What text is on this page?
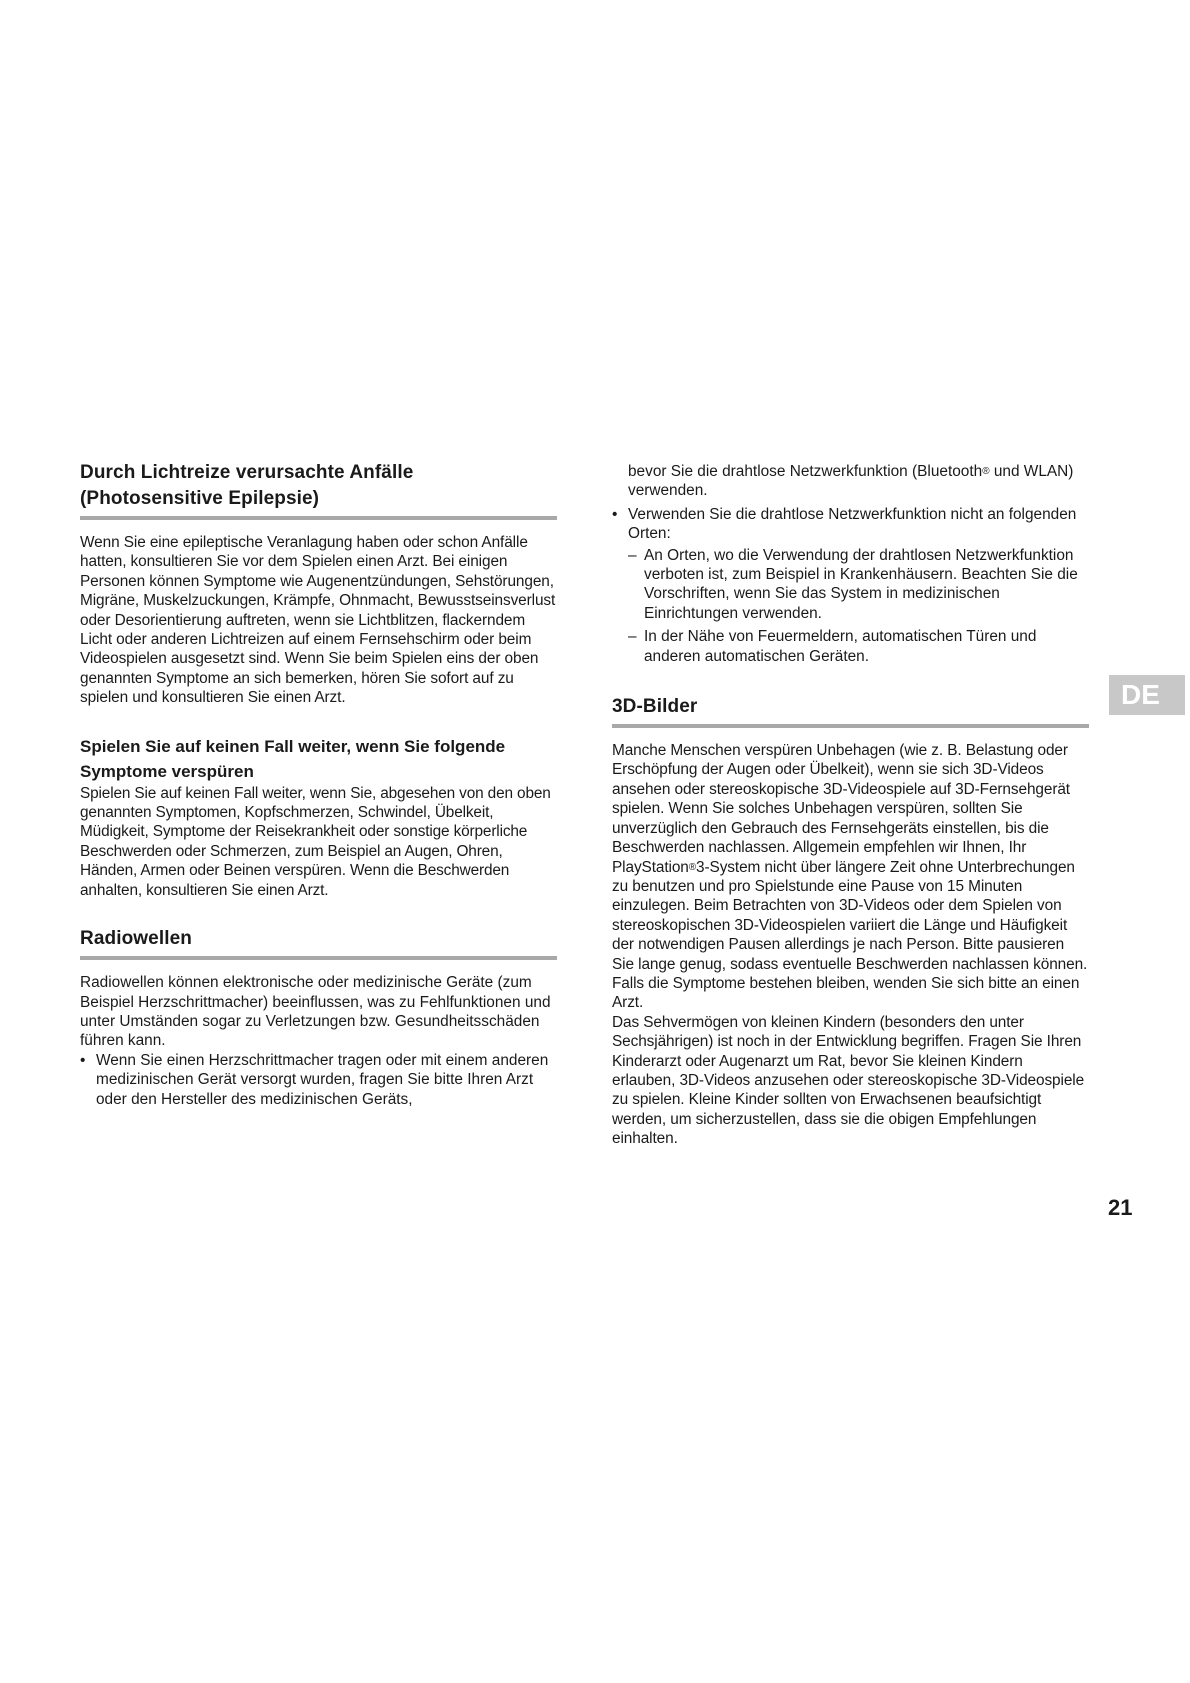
Durch Lichtreize verursachte Anfälle (Photosensitive Epilepsie)

Wenn Sie eine epileptische Veranlagung haben oder schon Anfälle hatten, konsultieren Sie vor dem Spielen einen Arzt. Bei einigen Personen können Symptome wie Augenentzündungen, Sehstörungen, Migräne, Muskelzuckungen, Krämpfe, Ohnmacht, Bewusstseinsverlust oder Desorientierung auftreten, wenn sie Lichtblitzen, flackerndem Licht oder anderen Lichtreizen auf einem Fernsehschirm oder beim Videospielen ausgesetzt sind. Wenn Sie beim Spielen eins der oben genannten Symptome an sich bemerken, hören Sie sofort auf zu spielen und konsultieren Sie einen Arzt.

Spielen Sie auf keinen Fall weiter, wenn Sie folgende Symptome verspüren

Spielen Sie auf keinen Fall weiter, wenn Sie, abgesehen von den oben genannten Symptomen, Kopfschmerzen, Schwindel, Übelkeit, Müdigkeit, Symptome der Reisekrankheit oder sonstige körperliche Beschwerden oder Schmerzen, zum Beispiel an Augen, Ohren, Händen, Armen oder Beinen verspüren. Wenn die Beschwerden anhalten, konsultieren Sie einen Arzt.

Radiowellen

Radiowellen können elektronische oder medizinische Geräte (zum Beispiel Herzschrittmacher) beeinflussen, was zu Fehlfunktionen und unter Umständen sogar zu Verletzungen bzw. Gesundheitsschäden führen kann.

• Wenn Sie einen Herzschrittmacher tragen oder mit einem anderen medizinischen Gerät versorgt wurden, fragen Sie bitte Ihren Arzt oder den Hersteller des medizinischen Geräts,

bevor Sie die drahtlose Netzwerkfunktion (Bluetooth® und WLAN) verwenden.

• Verwenden Sie die drahtlose Netzwerkfunktion nicht an folgenden Orten:
– An Orten, wo die Verwendung der drahtlosen Netzwerkfunktion verboten ist, zum Beispiel in Krankenhäusern. Beachten Sie die Vorschriften, wenn Sie das System in medizinischen Einrichtungen verwenden.
– In der Nähe von Feuermeldern, automatischen Türen und anderen automatischen Geräten.
3D-Bilder

Manche Menschen verspüren Unbehagen (wie z. B. Belastung oder Erschöpfung der Augen oder Übelkeit), wenn sie sich 3D-Videos ansehen oder stereoskopische 3D-Videospiele auf 3D-Fernsehgerät spielen. Wenn Sie solches Unbehagen verspüren, sollten Sie unverzüglich den Gebrauch des Fernsehgeräts einstellen, bis die Beschwerden nachlassen. Allgemein empfehlen wir Ihnen, Ihr PlayStation®3-System nicht über längere Zeit ohne Unterbrechungen zu benutzen und pro Spielstunde eine Pause von 15 Minuten einzulegen. Beim Betrachten von 3D-Videos oder dem Spielen von stereoskopischen 3D-Videospielen variiert die Länge und Häufigkeit der notwendigen Pausen allerdings je nach Person. Bitte pausieren Sie lange genug, sodass eventuelle Beschwerden nachlassen können. Falls die Symptome bestehen bleiben, wenden Sie sich bitte an einen Arzt.

Das Sehvermögen von kleinen Kindern (besonders den unter Sechsjährigen) ist noch in der Entwicklung begriffen. Fragen Sie Ihren Kinderarzt oder Augenarzt um Rat, bevor Sie kleinen Kindern erlauben, 3D-Videos anzusehen oder stereoskopische 3D-Videospiele zu spielen. Kleine Kinder sollten von Erwachsenen beaufsichtigt werden, um sicherzustellen, dass sie die obigen Empfehlungen einhalten.

DE
21
